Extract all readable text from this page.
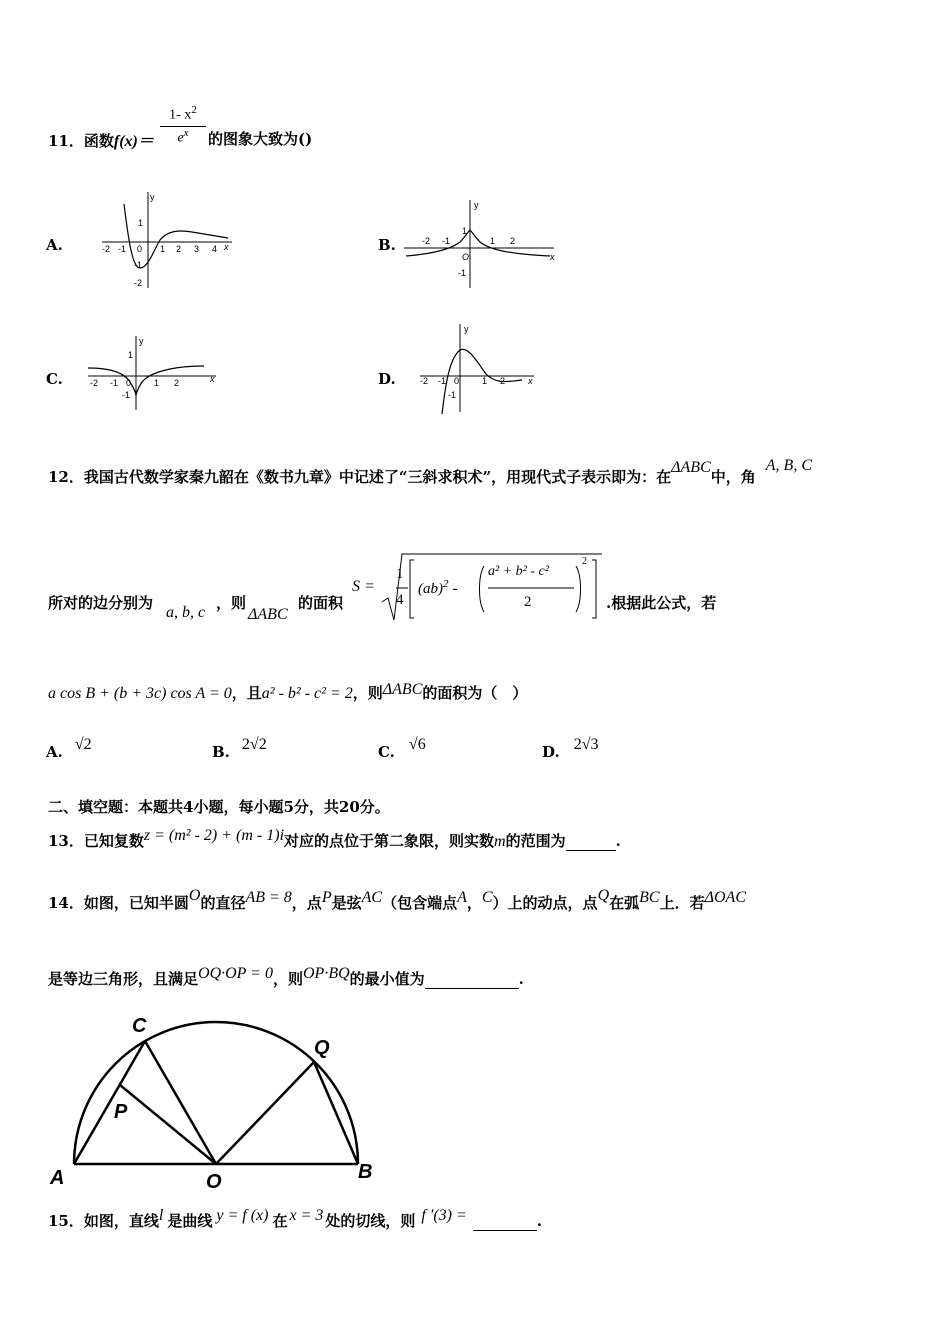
11．函数f(x)＝
1- $x^2$
$e^x$	的图象大致为()
A.	B.
C.	D.
y
x
-2 -1 0 1 2 3 4
1
-1
-2
y
x
-2 -1	1 2
O
1
-1
y
x
-2 -1 0	1 2
1
-1
y
x
-2 -1 0	1 2
-1
12．我国古代数学家秦九韶在《数书九章》中记述了“三斜求积术”，用现代式子表示即为：在ΔABC中，角A, B, C
所对的边分别为
a, b, c
，则
ΔABC
的面积
S =
1
4
(ab)$^2$ -
a² + b² - c²
2
2
.根据此公式，若
a cos B + (b + 3c) cos A = 0，且a² - b² - c² = 2，则ΔABC的面积为（　）
A. √2	B. 2√2	C. √6	D. 2√3
二、填空题：本题共4小题，每小题5分，共20分。
13．已知复数z = (m² - 2) + (m - 1)i对应的点位于第二象限，则实数m的范围为	.
14．如图，已知半圆O的直径AB = 8，点P是弦AC（包含端点A，C）上的动点，点Q在弧BC上．若ΔOAC
是等边三角形，且满足OQ·OP = 0，则OP·BQ的最小值为	.
C
Q
P
A	O	B
15．如图，直线l 是曲线 y = f (x) 在 x = 3 处的切线，则 f ′(3) =	.
